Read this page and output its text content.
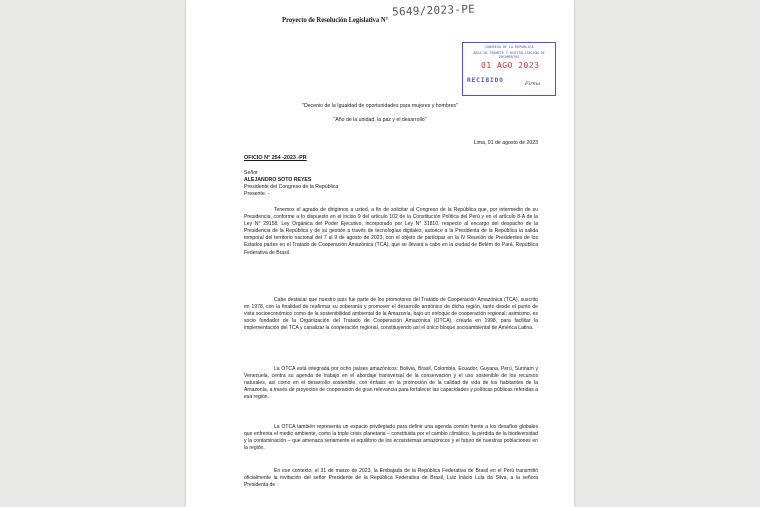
Proyecto de Resolución Legislativa N°
5649/2023-PE
CONGRESO DE LA REPÚBLICA
ÁREA DE TRÁMITE Y DIGITALIZACIÓN DE DOCUMENTOS
01 AGO 2023
RECIBIDO	Firma
"Decenio de la Igualdad de oportunidades para mujeres y hombres"
"Año de la unidad, la paz y el desarrollo"
Lima, 01 de agosto de 2023
OFICIO N° 254 -2023 -PR
Señor
ALEJANDRO SOTO REYES
Presidente del Congreso de la República
Presente. -
Tenemos el agrado de dirigirnos a usted, a fin de solicitar al Congreso de la República que, por intermedio de su Presidencia, conforme a lo dispuesto en el inciso 9 del artículo 102 de la Constitución Política del Perú y en el artículo 8-A de la Ley N° 29158, Ley Orgánica del Poder Ejecutivo, incorporado por Ley N° 31810, respecto al encargo del despacho de la Presidencia de la República y de su gestión a través de tecnologías digitales, autorice a la Presidenta de la República la salida temporal del territorio nacional del 7 al 9 de agosto de 2023, con el objeto de participar en la IV Reunión de Presidentes de los Estados partes en el Tratado de Cooperación Amazónica (TCA), que se llevará a cabo en la ciudad de Belém do Pará, República Federativa de Brasil.
Cabe destacar que nuestro país fue parte de los promotores del Tratado de Cooperación Amazónica (TCA), suscrito en 1978, con la finalidad de reafirmar su soberanía y promover el desarrollo armónico de dicha región, tanto desde el punto de vista socioeconómico como de la sostenibilidad ambiental de la Amazonía, bajo un enfoque de cooperación regional; asimismo, es socio fundador de la Organización del Tratado de Cooperación Amazónica (OTCA), creada en 1998, para facilitar la implementación del TCA y canalizar la cooperación regional, constituyendo así el único bloque socioambiental de América Latina.
La OTCA está integrada por ocho países amazónicos: Bolivia, Brasil, Colombia, Ecuador, Guyana, Perú, Surinam y Venezuela, centra su agenda de trabajo en el abordaje transversal de la conservación y el uso sostenible de los recursos naturales, así como en el desarrollo sostenible, con énfasis en la promoción de la calidad de vida de los habitantes de la Amazonía, a través de proyectos de cooperación de gran relevancia para fortalecer las capacidades y políticas públicas referidas a esa región.
La OTCA también representa un espacio privilegiado para definir una agenda común frente a los desafíos globales que enfrenta el medio ambiente, como la triple crisis planetaria – constituida por el cambio climático, la pérdida de la biodiversidad y la contaminación – que amenaza seriamente el equilibrio de los ecosistemas amazónicos y el futuro de nuestras poblaciones en la región.
En ese contexto, el 31 de marzo de 2023, la Embajada de la República Federativa de Brasil en el Perú transmitió oficialmente la invitación del señor Presidente de la República Federativa de Brasil, Luiz Inácio Lula da Silva, a la señora Presidenta de
